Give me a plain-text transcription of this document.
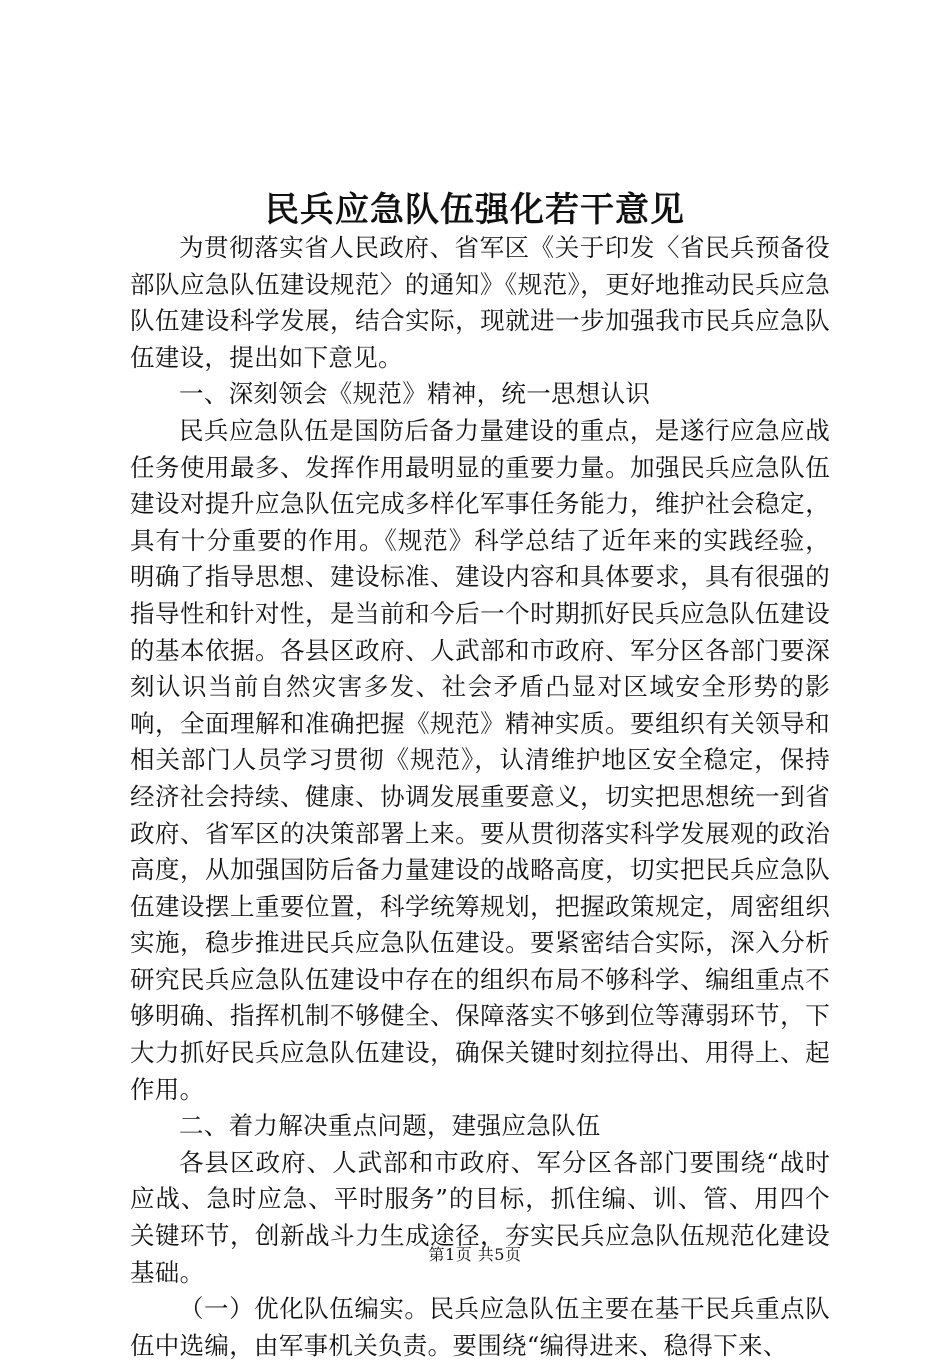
民兵应急队伍强化若干意见

为贯彻落实省人民政府、省军区《关于印发〈省民兵预备役部队应急队伍建设规范〉的通知》《规范》，更好地推动民兵应急队伍建设科学发展，结合实际，现就进一步加强我市民兵应急队伍建设，提出如下意见。

一、深刻领会《规范》精神，统一思想认识

民兵应急队伍是国防后备力量建设的重点，是遂行应急应战任务使用最多、发挥作用最明显的重要力量。加强民兵应急队伍建设对提升应急队伍完成多样化军事任务能力，维护社会稳定，具有十分重要的作用。《规范》科学总结了近年来的实践经验，明确了指导思想、建设标准、建设内容和具体要求，具有很强的指导性和针对性，是当前和今后一个时期抓好民兵应急队伍建设的基本依据。各县区政府、人武部和市政府、军分区各部门要深刻认识当前自然灾害多发、社会矛盾凸显对区域安全形势的影响，全面理解和准确把握《规范》精神实质。要组织有关领导和相关部门人员学习贯彻《规范》，认清维护地区安全稳定，保持经济社会持续、健康、协调发展重要意义，切实把思想统一到省政府、省军区的决策部署上来。要从贯彻落实科学发展观的政治高度，从加强国防后备力量建设的战略高度，切实把民兵应急队伍建设摆上重要位置，科学统筹规划，把握政策规定，周密组织实施，稳步推进民兵应急队伍建设。要紧密结合实际，深入分析研究民兵应急队伍建设中存在的组织布局不够科学、编组重点不够明确、指挥机制不够健全、保障落实不够到位等薄弱环节，下大力抓好民兵应急队伍建设，确保关键时刻拉得出、用得上、起作用。

二、着力解决重点问题，建强应急队伍

各县区政府、人武部和市政府、军分区各部门要围绕“战时应战、急时应急、平时服务”的目标，抓住编、训、管、用四个关键环节，创新战斗力生成途径，夯实民兵应急队伍规范化建设基础。

（一）优化队伍编实。民兵应急队伍主要在基干民兵重点队伍中选编，由军事机关负责。要围绕“编得进来、稳得下来、

第1页 共5页
